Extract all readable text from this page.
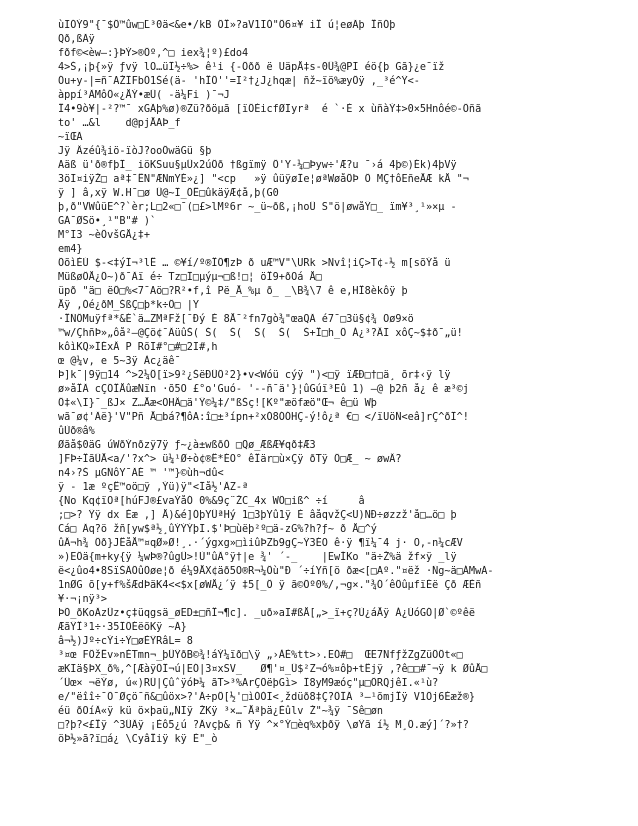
ùIÓÝ9"{¯$Ö™ûw□̄L³0ä<&e•/kB ÕÎ»?aV1IÓ"Ö6¤¥ iÎ ú¦eøÃþ ÎñÓþ
Qð,ßÃÿ
fðf©<èw—:}ÞÝ>®Öº,^□ iex¾¦º)£do4
4>Š,¡þ{»ÿ ƒvÿ lO…üÏ½÷%> ê¹i {-Öðð ë UäpÅ‡s-0Û¾@PI éö{þ Gã}¿e¯ïž
Óu+y-|=ñ¯AŽÏFbÖ1Šé(ä- 'hÎÖ''=I²†¿J¿hqæ| ñž~ïö%æyÖÿ ,_³é^Ÿ<-
àppí³ÄMôÖ«¿ÅÝ•æÜ( -ä¼Fi )¯¬J
Î4•9ò¥|-²?™¯ xGÃþ%ø)®Zü?ðöµã [ïÖÈicfØIyrª  é `·È x ùñàÝ‡>0×5Hnôé©-Öñã
to' …&l    d@pjÅAÞ_f
~ïŒÃ
Jÿ Âzéû¾iö-ïòJ?ooÖwäGü §þ
Aäß ü'ð®fþÏ_ iöKSuu§µÛx2úÖð †ßgïmÿ Ö'Y-¼□Þyw÷'Æ?u ¯›á 4þ©)Ék)4þVÿ
3öI¤iÿŽ□ aª‡¯ÊN"ÆNmYÉ»¿] "<cp   »ÿ ûüÿøÏe¦øªWøåÖÞ Ö MÇ†ôEñeÅÆ kÅ "¬
ÿ ] â,xÿ W.H¯□ø Û@~Ï_ÕÊ□ûkäÿÆ¢å,þ(G0
þ,ð"VWûüE^?`èr;L□2«□¯(□£>lMº6r ~_ü~ðß,¡hoÜ S"ö|øwåŸ□_ ïm¥³¸¹»×µ -
GÃ¯ØSö•¸¹"B"# )`
M°I3 ~èÖvšGÅ¿‡+
em4}
ÕõìÈÚ $-<‡ýÏ¬³lÊ … ©¥í/º®ÎÕ¶zÞ ð uÆ™V"\URk >Nvî¦iÇ>T¢-½ m[sõÝå ü
MüßøÖÅ¿Ö~)ð¯Äï é÷ Tz□Ï□µýµ¬□ß!□¦ öÎ9+ðOá Å□
üpð "ä□ ëÖ□%<7¯Aö□?R²•f,î Pë_Å_%µ ð_ _\B¾\7 ê e,HÎ8èkôÿ þ
Åÿ ,Óé¿ðM_ŠßÇ□þ*k÷Ö□ |Y
·ÎÑÖMuÿfª*&É`ä…ZMªFž[¯Ðý È 8Å¯²fn7gò¾"œaQÃ é7¯□3ü§¢¾ Oø9×ö
™w/ÇhñÞ»„ôå²–@Çö¢¯ÄüûŠ( Š(  Š(  Š(  Š(  Š+Î□h_Ö Á¿³?ÂI xôÇ~$‡ð¯„ü!
kôìKQ»ÏÉxÂ P RõI#°□#□2I#,h
œ @¼v, e 5~3ÿ Àc¿äê¯
Þ]k¯|9ÿ□14 ^>2¼Ô[ï>9²¿ŠëÐÜÕ²2}•v<Wóü cýÿ ")<□ÿ ïÆÐ□†□ä¸ õr‡‹ÿ lÿ
ø»åÎÄ cÇÕÎÅûæÑïn ·õ5O £°o'Guó- '--ñ¯ä'}¦ûGúï³Eû 1) —@ þ2ñ å¿ ê æ³©j
Ö‡«\I}¯_ßJ× Z…Åæ<ÕHÂ□ä'Ÿ©¼‡/"ßŠç![Kº"æöfæö"Œ¬ ê□ü Wþ
wã¯ø¢'Äë}'V"Pñ Å□bá?¶ôA:î□±³ípn+²xÓ8ÓÓHÇ-ý!ô¿ª €□ </ïUöÑ<eâ]rÇ^ðÏ^!
ûÙð®â%
Øãå$0äG úWðÝnðzÿ7ÿ ƒ~¿à±wßðÒ □Qø_ÆßÆ¥qð‡Æ3
]FÞ÷ÎãÜÅ<a/'?x^> ü¼¹Ø÷ò¢®Ê*ÉO° êÎär□ù×Çÿ ðTÿ Ö□Æ_ ~ øwÂ?
n4›?Š µGÑôY¯ÃÉ ™ '™}©ùh¬dû<
ÿ - 1æ ºçÊ™oö□ÿ ,Ýü)ÿ"<Ïå½'ÄZ-ª
{No Kq¢ïOª[húFJ®£vaÝåÓ 0%&9ç¨ŽC_4x WÕ□iß^ ÷í     â
;□>? Ÿÿ dx Èæ ,] Å)&é]ÓþYÛªHý 1□3þYû1ÿ È âåqvžÇ<U)NÐ÷øzzž'å□…ö□ þ
Cá□ Äq?ö žñ[yw$ª½¸ûÝÝÝþI.$'Þ□ùëþ²º□ä-zG%?h?ƒ~ ð Å□^ý
ûÂ¬h¾ Öð}JÊåÅ™¤qØ»Ø!¸.·´ýgxg»□ìiûÞZb9gÇ~Ÿ3ÉO ê·ÿ ¶ï¼¯4 j· O,-n¼cÆV
»)EÖä{m+ky{ÿ ¼wÞ®?ûgÜ>!Ù"ûÄ°ÿ†|e ¾' ´-_    |EwÍKo "ä÷Ž%ä žf×ÿ _lÿ
ë<¿ûo4•8SïŠÄÕûÕøe¦ð é¼9ÅX¢äð5O®R¬¼Öù"Ð ´÷íYñ[ö ðæ<[□Aº."¤ëž ·Ñg~ä□ÁMwÃ-
1nØG õ[y+f%šÆdÞäK4<<$x[øWÅ¿´ÿ ‡5[_Ö ÿ ã©Õº0%/,¬g×."¾Ó´êÖûµfïÉë Çð ÆÈñ
¥·¬¡nÿ³>
ÞÕ_ðKoÄzÜz•ç‡üqgsä_øED±□ñÎ¬¶c]. _uð»aI#ßÅ[„>_ï+ç?Ù¿áÅÿ Á¿ÙóGÓ|Ø`©ºêë
ÆãŸÎ³1÷·35ÏÕÉëõKÿ ~Ã}
â¬½)Jº÷cÝi÷Ÿ□øÈŸRâL= 8
³¤œ FÖžÊv»nÈTmn¬_þÜŸðB©¾!áÝ¼ïð□\ÿ „›ÀÈ%tt>›.EÓ#□  ŒE7NfƒžZgZüÖÖt«□
æKIä§ÞX_ð%,^[ÆàÿÕÏ¬ú|EÓ|3¤xSV_   Ø¶'¤_Ü$²Z¬ó%¤ôþ+tÊjÿ ,?ê□□#¯¬ÿ k ØûÅ□
´Ûœ× ¬ëÝø, ú«)RÜ|ÇûˆÿóÞ¼ ãT>³%ArÇÕëþGì> Ï8yM9æóç"µ□ÖRQjêI.«¹ù?
e/"ëîî÷¯Õ¯Øçö¯ñ&□ûöx>?'Ä÷pÖ[½'□ìÓÒI<¸ždüð8‡Ç?ÖÏÄ ³–¹õmjÎÿ V1Öj6Èæž®}
éü ðOíÄ«ÿ kü ö×þaü„ÑIÿ ŽKÿ ³×…¯Åªþä¿Èûlv Ž"~¾ÿ ¯Sê□øn
□?þ?<£Îÿ ^3ÜÄÿ ¡Èô5¿ú ?Ävçþ& ñ Ÿÿ ^×°Ý□èq%xþðÿ \øŸã í½ M¸Õ.æý]´?»†?
öÞ½»ã?ï□á¿ \CyâÎiÿ kÿ È"_ò
